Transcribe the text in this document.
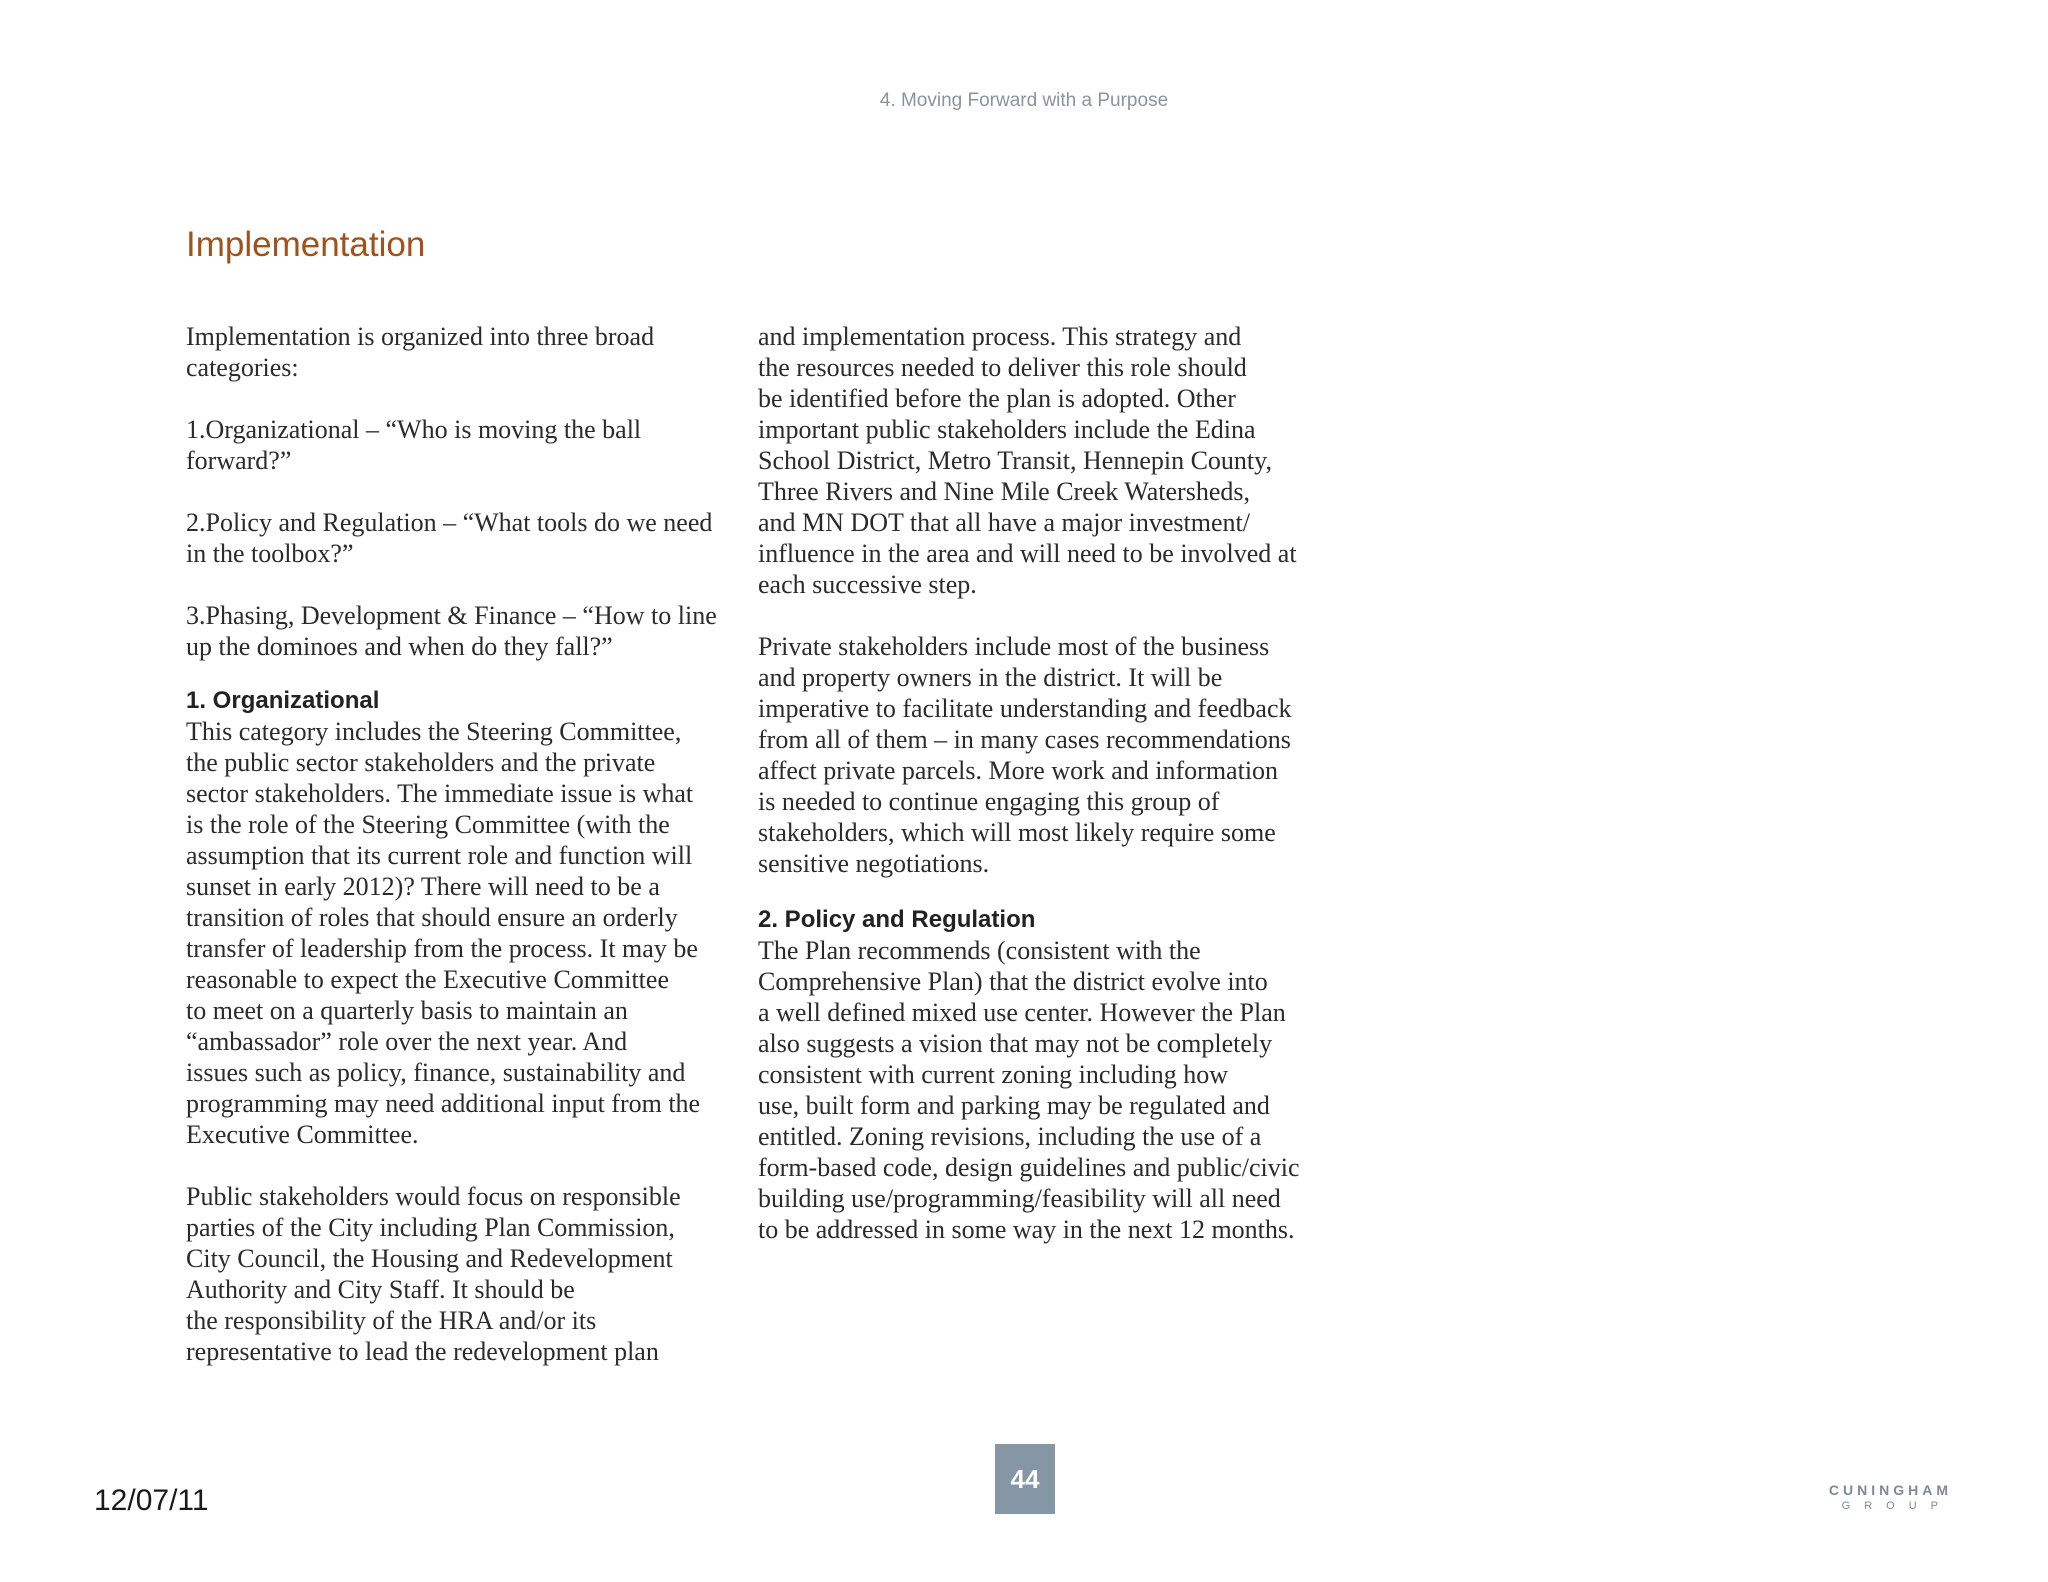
4. Moving Forward with a Purpose
Implementation

Implementation is organized into three broad
categories:

1.Organizational – “Who is moving the ball
forward?”

2.Policy and Regulation – “What tools do we need
in the toolbox?”

3.Phasing, Development & Finance – “How to line
up the dominoes and when do they fall?”

1. Organizational

This category includes the Steering Committee,
the public sector stakeholders and the private
sector stakeholders. The immediate issue is what
is the role of the Steering Committee (with the
assumption that its current role and function will
sunset in early 2012)? There will need to be a
transition of roles that should ensure an orderly
transfer of leadership from the process. It may be
reasonable to expect the Executive Committee
to meet on a quarterly basis to maintain an
“ambassador” role over the next year. And
issues such as policy, finance, sustainability and
programming may need additional input from the
Executive Committee.

Public stakeholders would focus on responsible
parties of the City including Plan Commission,
City Council, the Housing and Redevelopment
Authority and City Staff. It should be
the responsibility of the HRA and/or its
representative to lead the redevelopment plan

and implementation process. This strategy and
the resources needed to deliver this role should
be identified before the plan is adopted. Other
important public stakeholders include the Edina
School District, Metro Transit, Hennepin County,
Three Rivers and Nine Mile Creek Watersheds,
and MN DOT that all have a major investment/
influence in the area and will need to be involved at
each successive step.

Private stakeholders include most of the business
and property owners in the district. It will be
imperative to facilitate understanding and feedback
from all of them – in many cases recommendations
affect private parcels. More work and information
is needed to continue engaging this group of
stakeholders, which will most likely require some
sensitive negotiations.

2. Policy and Regulation

The Plan recommends (consistent with the
Comprehensive Plan) that the district evolve into
a well defined mixed use center. However the Plan
also suggests a vision that may not be completely
consistent with current zoning including how
use, built form and parking may be regulated and
entitled. Zoning revisions, including the use of a
form-based code, design guidelines and public/civic
building use/programming/feasibility will all need
to be addressed in some way in the next 12 months.

44
12/07/11	CUNINGHAM
GROUP
